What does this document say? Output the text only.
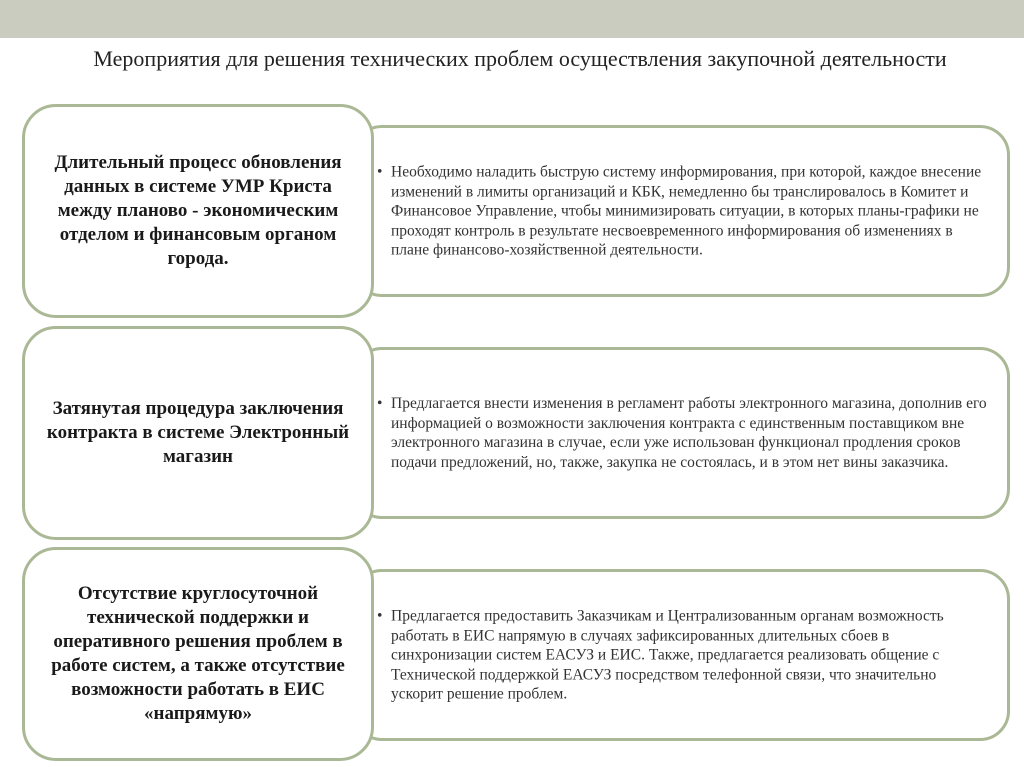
Мероприятия для решения технических проблем осуществления закупочной деятельности
• Необходимо наладить быструю систему информирования, при которой, каждое внесение изменений в лимиты организаций и КБК, немедленно бы транслировалось в Комитет и Финансовое Управление, чтобы минимизировать ситуации, в которых планы-графики не проходят контроль в результате несвоевременного информирования об изменениях в плане финансово-хозяйственной деятельности.
Длительный процесс обновления данных в системе УМР Криста между планово - экономическим отделом и финансовым органом города.
• Предлагается внести изменения в регламент работы электронного магазина, дополнив его информацией о возможности заключения контракта с единственным поставщиком вне электронного магазина в случае, если уже использован функционал продления сроков подачи предложений, но, также, закупка не состоялась, и в этом нет вины заказчика.
Затянутая процедура заключения контракта в системе Электронный магазин
• Предлагается предоставить Заказчикам и Централизованным органам возможность работать в ЕИС напрямую в случаях зафиксированных длительных сбоев в синхронизации систем ЕАСУЗ и ЕИС. Также, предлагается реализовать общение с Технической поддержкой ЕАСУЗ посредством телефонной связи, что значительно ускорит решение проблем.
Отсутствие круглосуточной технической поддержки и оперативного решения проблем в работе систем, а также отсутствие возможности работать в ЕИС «напрямую»
